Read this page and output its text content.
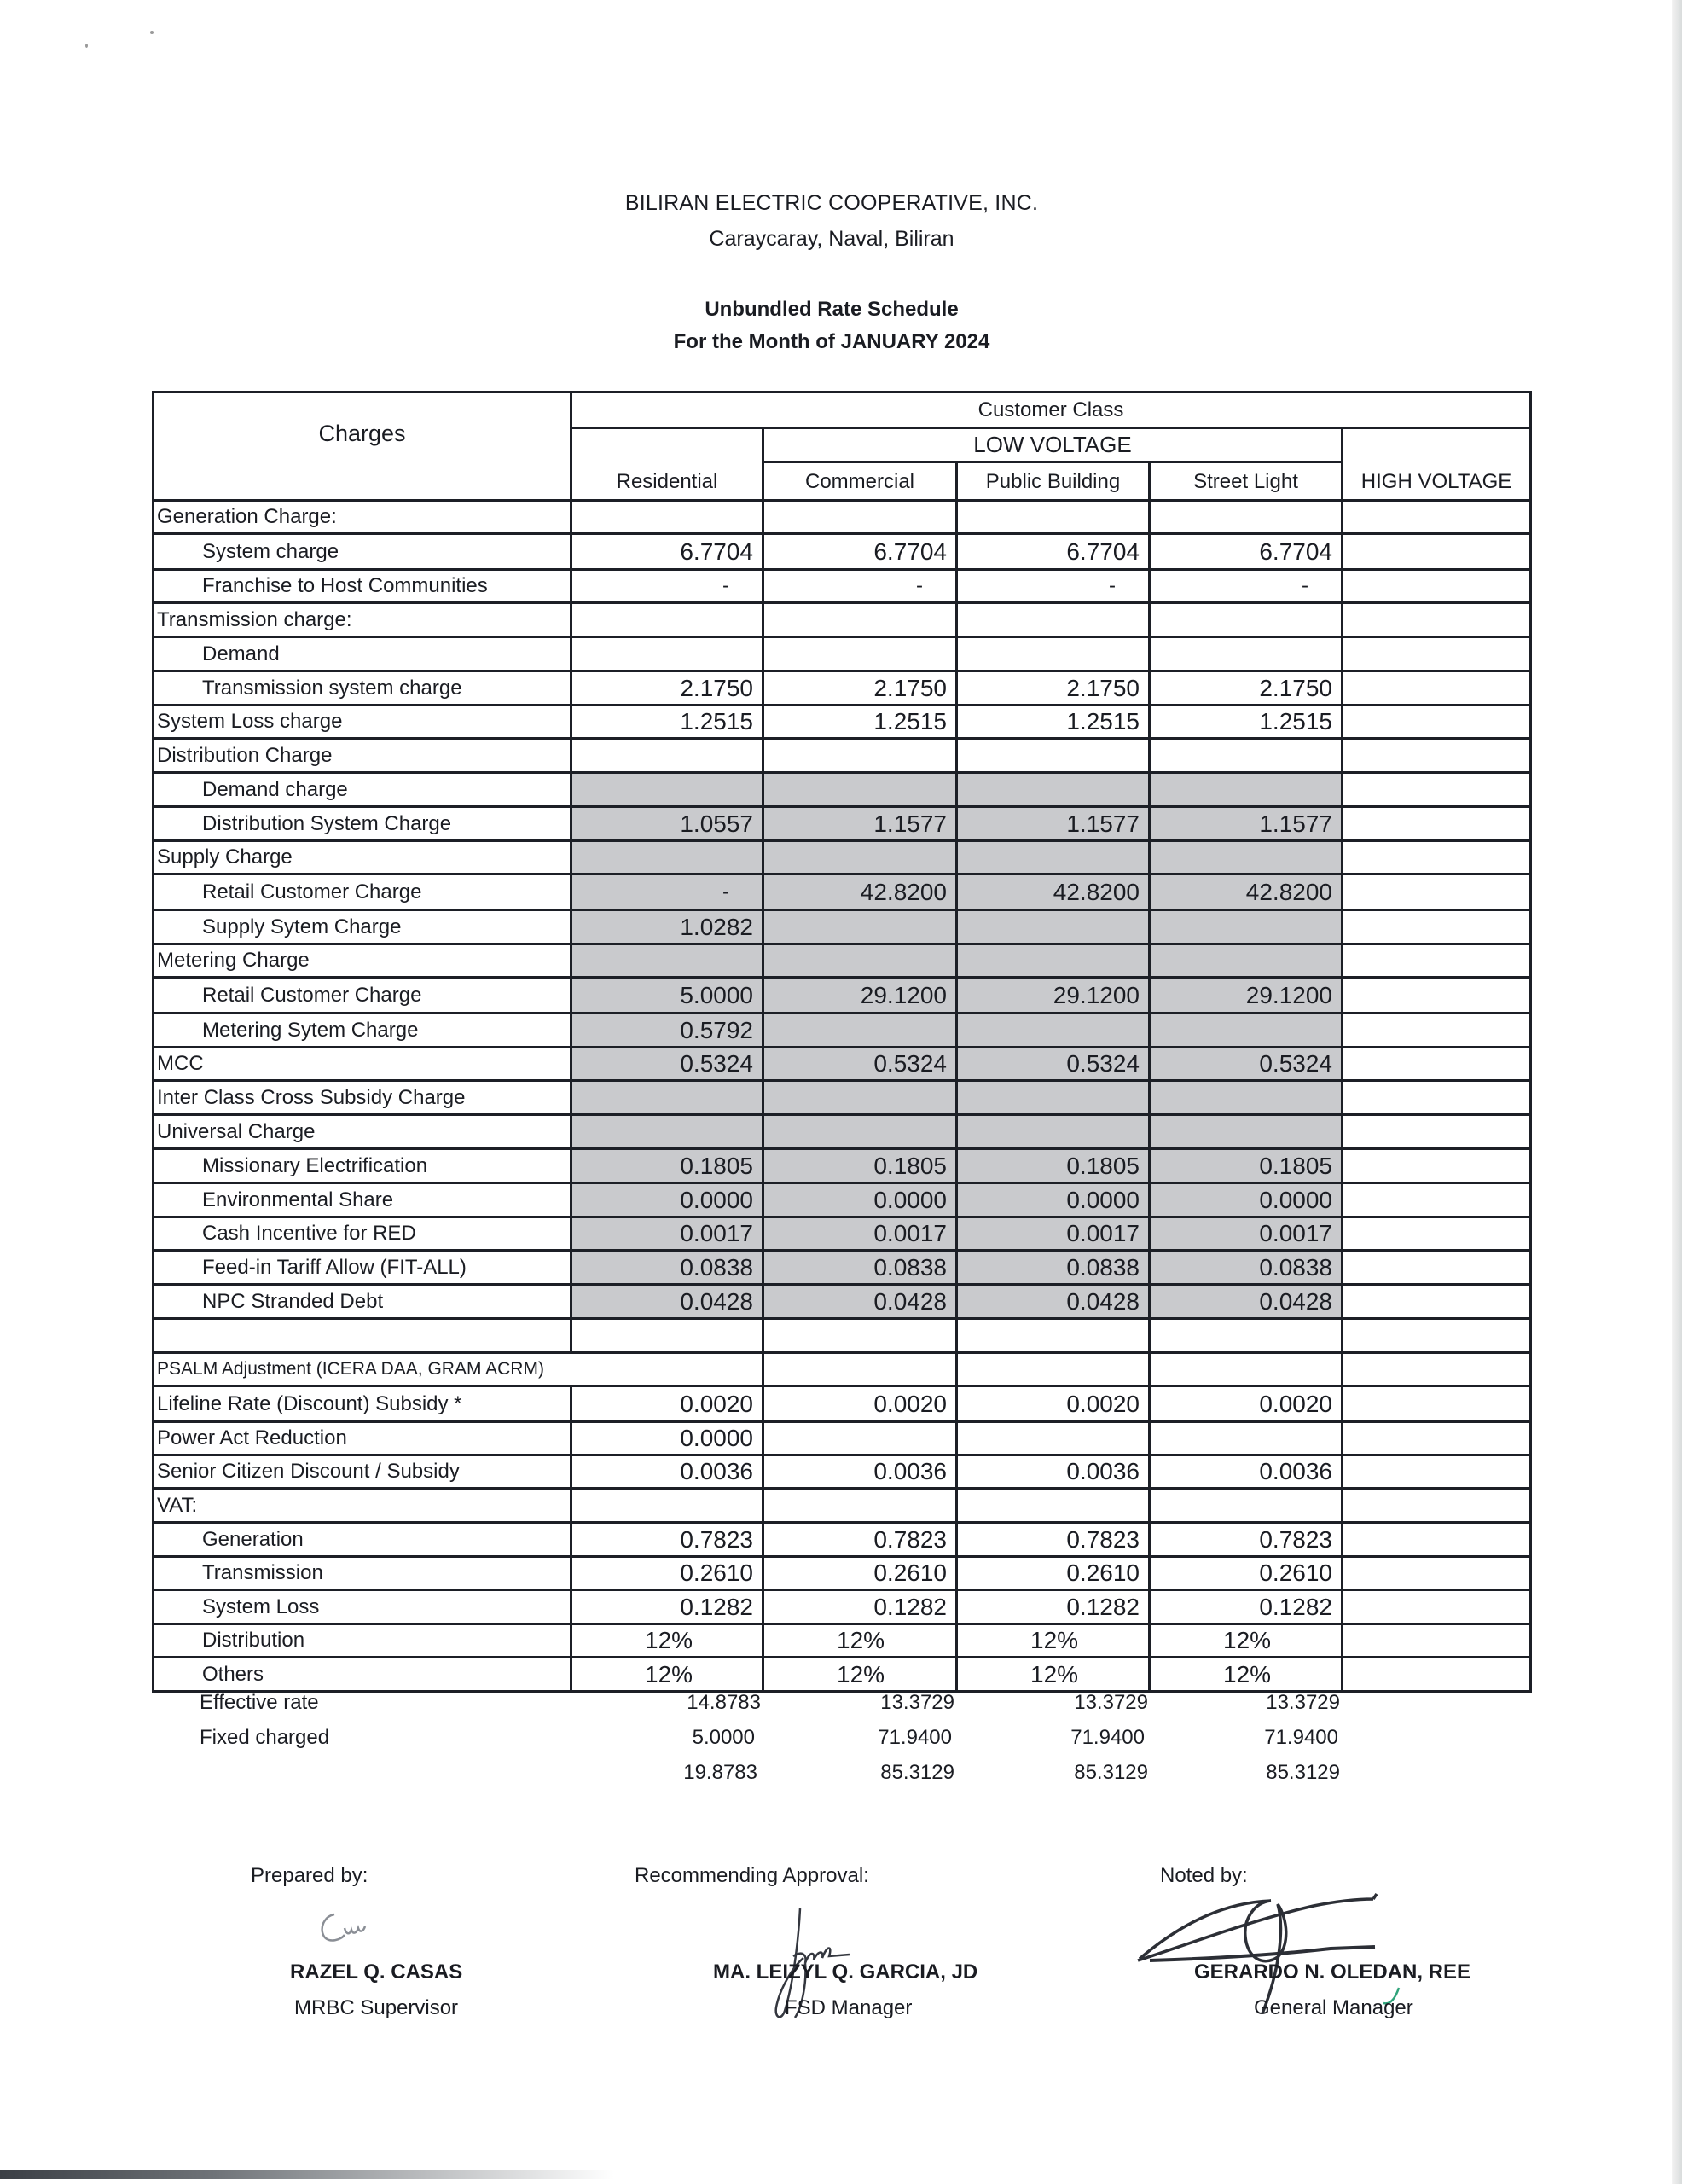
BILIRAN ELECTRIC COOPERATIVE, INC.
Caraycaray, Naval, Biliran
Unbundled Rate Schedule
For the Month of JANUARY 2024
Charges	Customer Class				
	Residential	LOW VOLTAGE			HIGH VOLTAGE
		Commercial	Public Building	Street Light	
Generation Charge:					
System charge	6.7704	6.7704	6.7704	6.7704	
Franchise to Host Communities	-	-	-	-	
Transmission charge:					
Demand					
Transmission system charge	2.1750	2.1750	2.1750	2.1750	
System Loss charge	1.2515	1.2515	1.2515	1.2515	
Distribution Charge					
Demand charge					
Distribution System Charge	1.0557	1.1577	1.1577	1.1577	
Supply Charge					
Retail Customer Charge	-	42.8200	42.8200	42.8200	
Supply Sytem Charge	1.0282				
Metering Charge					
Retail Customer Charge	5.0000	29.1200	29.1200	29.1200	
Metering Sytem Charge	0.5792				
MCC	0.5324	0.5324	0.5324	0.5324	
Inter Class Cross Subsidy Charge					
Universal Charge					
Missionary Electrification	0.1805	0.1805	0.1805	0.1805	
Environmental Share	0.0000	0.0000	0.0000	0.0000	
Cash Incentive for RED	0.0017	0.0017	0.0017	0.0017	
Feed-in Tariff Allow (FIT-ALL)	0.0838	0.0838	0.0838	0.0838	
NPC Stranded Debt	0.0428	0.0428	0.0428	0.0428	

PSALM Adjustment (ICERA DAA, GRAM ACRM)					
Lifeline Rate (Discount) Subsidy *	0.0020	0.0020	0.0020	0.0020	
Power Act Reduction	0.0000				
Senior Citizen Discount / Subsidy	0.0036	0.0036	0.0036	0.0036	
VAT:					
Generation	0.7823	0.7823	0.7823	0.7823	
Transmission	0.2610	0.2610	0.2610	0.2610	
System Loss	0.1282	0.1282	0.1282	0.1282	
Distribution	12%	12%	12%	12%	
Others	12%	12%	12%	12%	
Effective rate	14.8783	13.3729	13.3729	13.3729
Fixed charged	5.0000	71.9400	71.9400	71.9400
19.8783	85.3129	85.3129	85.3129
Prepared by:
RAZEL Q. CASAS
MRBC Supervisor
Recommending Approval:
MA. LEIZYL Q. GARCIA, JD
FSD Manager
Noted by:
GERARDO N. OLEDAN, REE
General Manager
